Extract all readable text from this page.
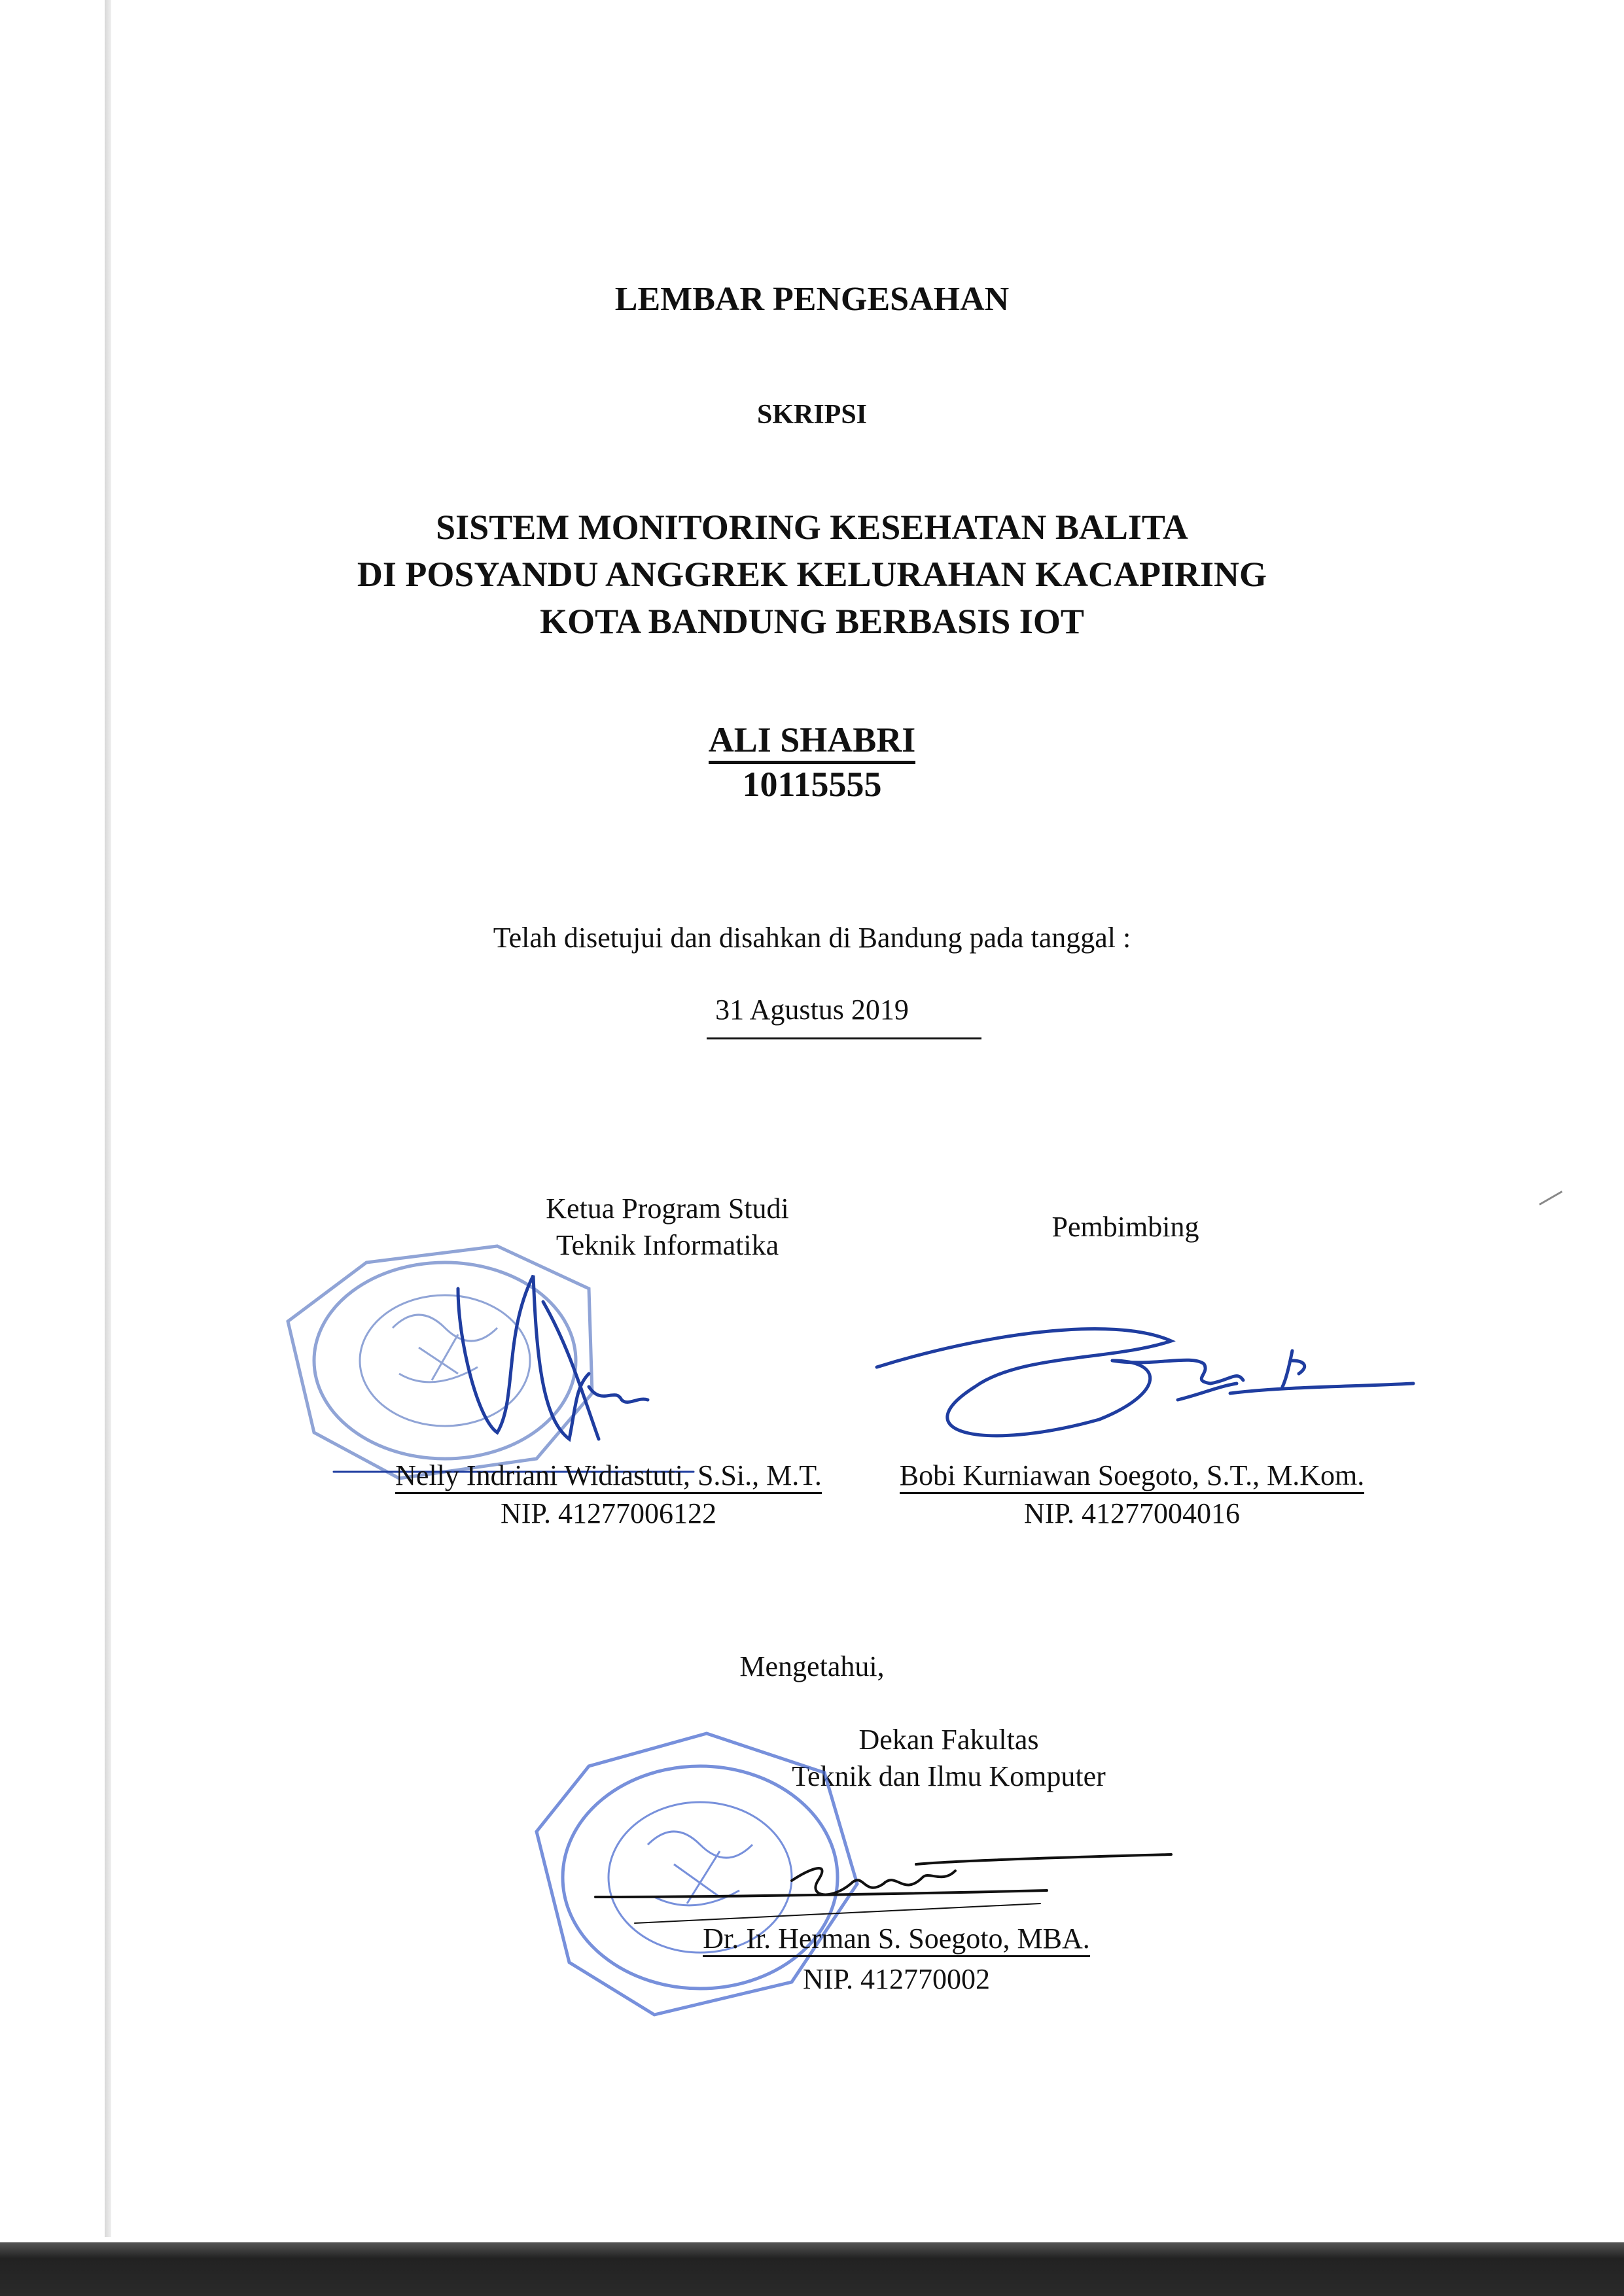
LEMBAR PENGESAHAN
SKRIPSI
SISTEM MONITORING KESEHATAN BALITA
DI POSYANDU ANGGREK KELURAHAN KACAPIRING
KOTA BANDUNG BERBASIS IOT
ALI SHABRI
10115555
Telah disetujui dan disahkan di Bandung pada tanggal :
31 Agustus 2019
Ketua Program Studi
Teknik Informatika
Pembimbing
Nelly Indriani Widiastuti, S.Si., M.T.
NIP. 41277006122
Bobi Kurniawan Soegoto, S.T., M.Kom.
NIP. 41277004016
Mengetahui,
Dekan Fakultas
Teknik dan Ilmu Komputer
Dr. Ir. Herman S. Soegoto, MBA.
NIP. 412770002
